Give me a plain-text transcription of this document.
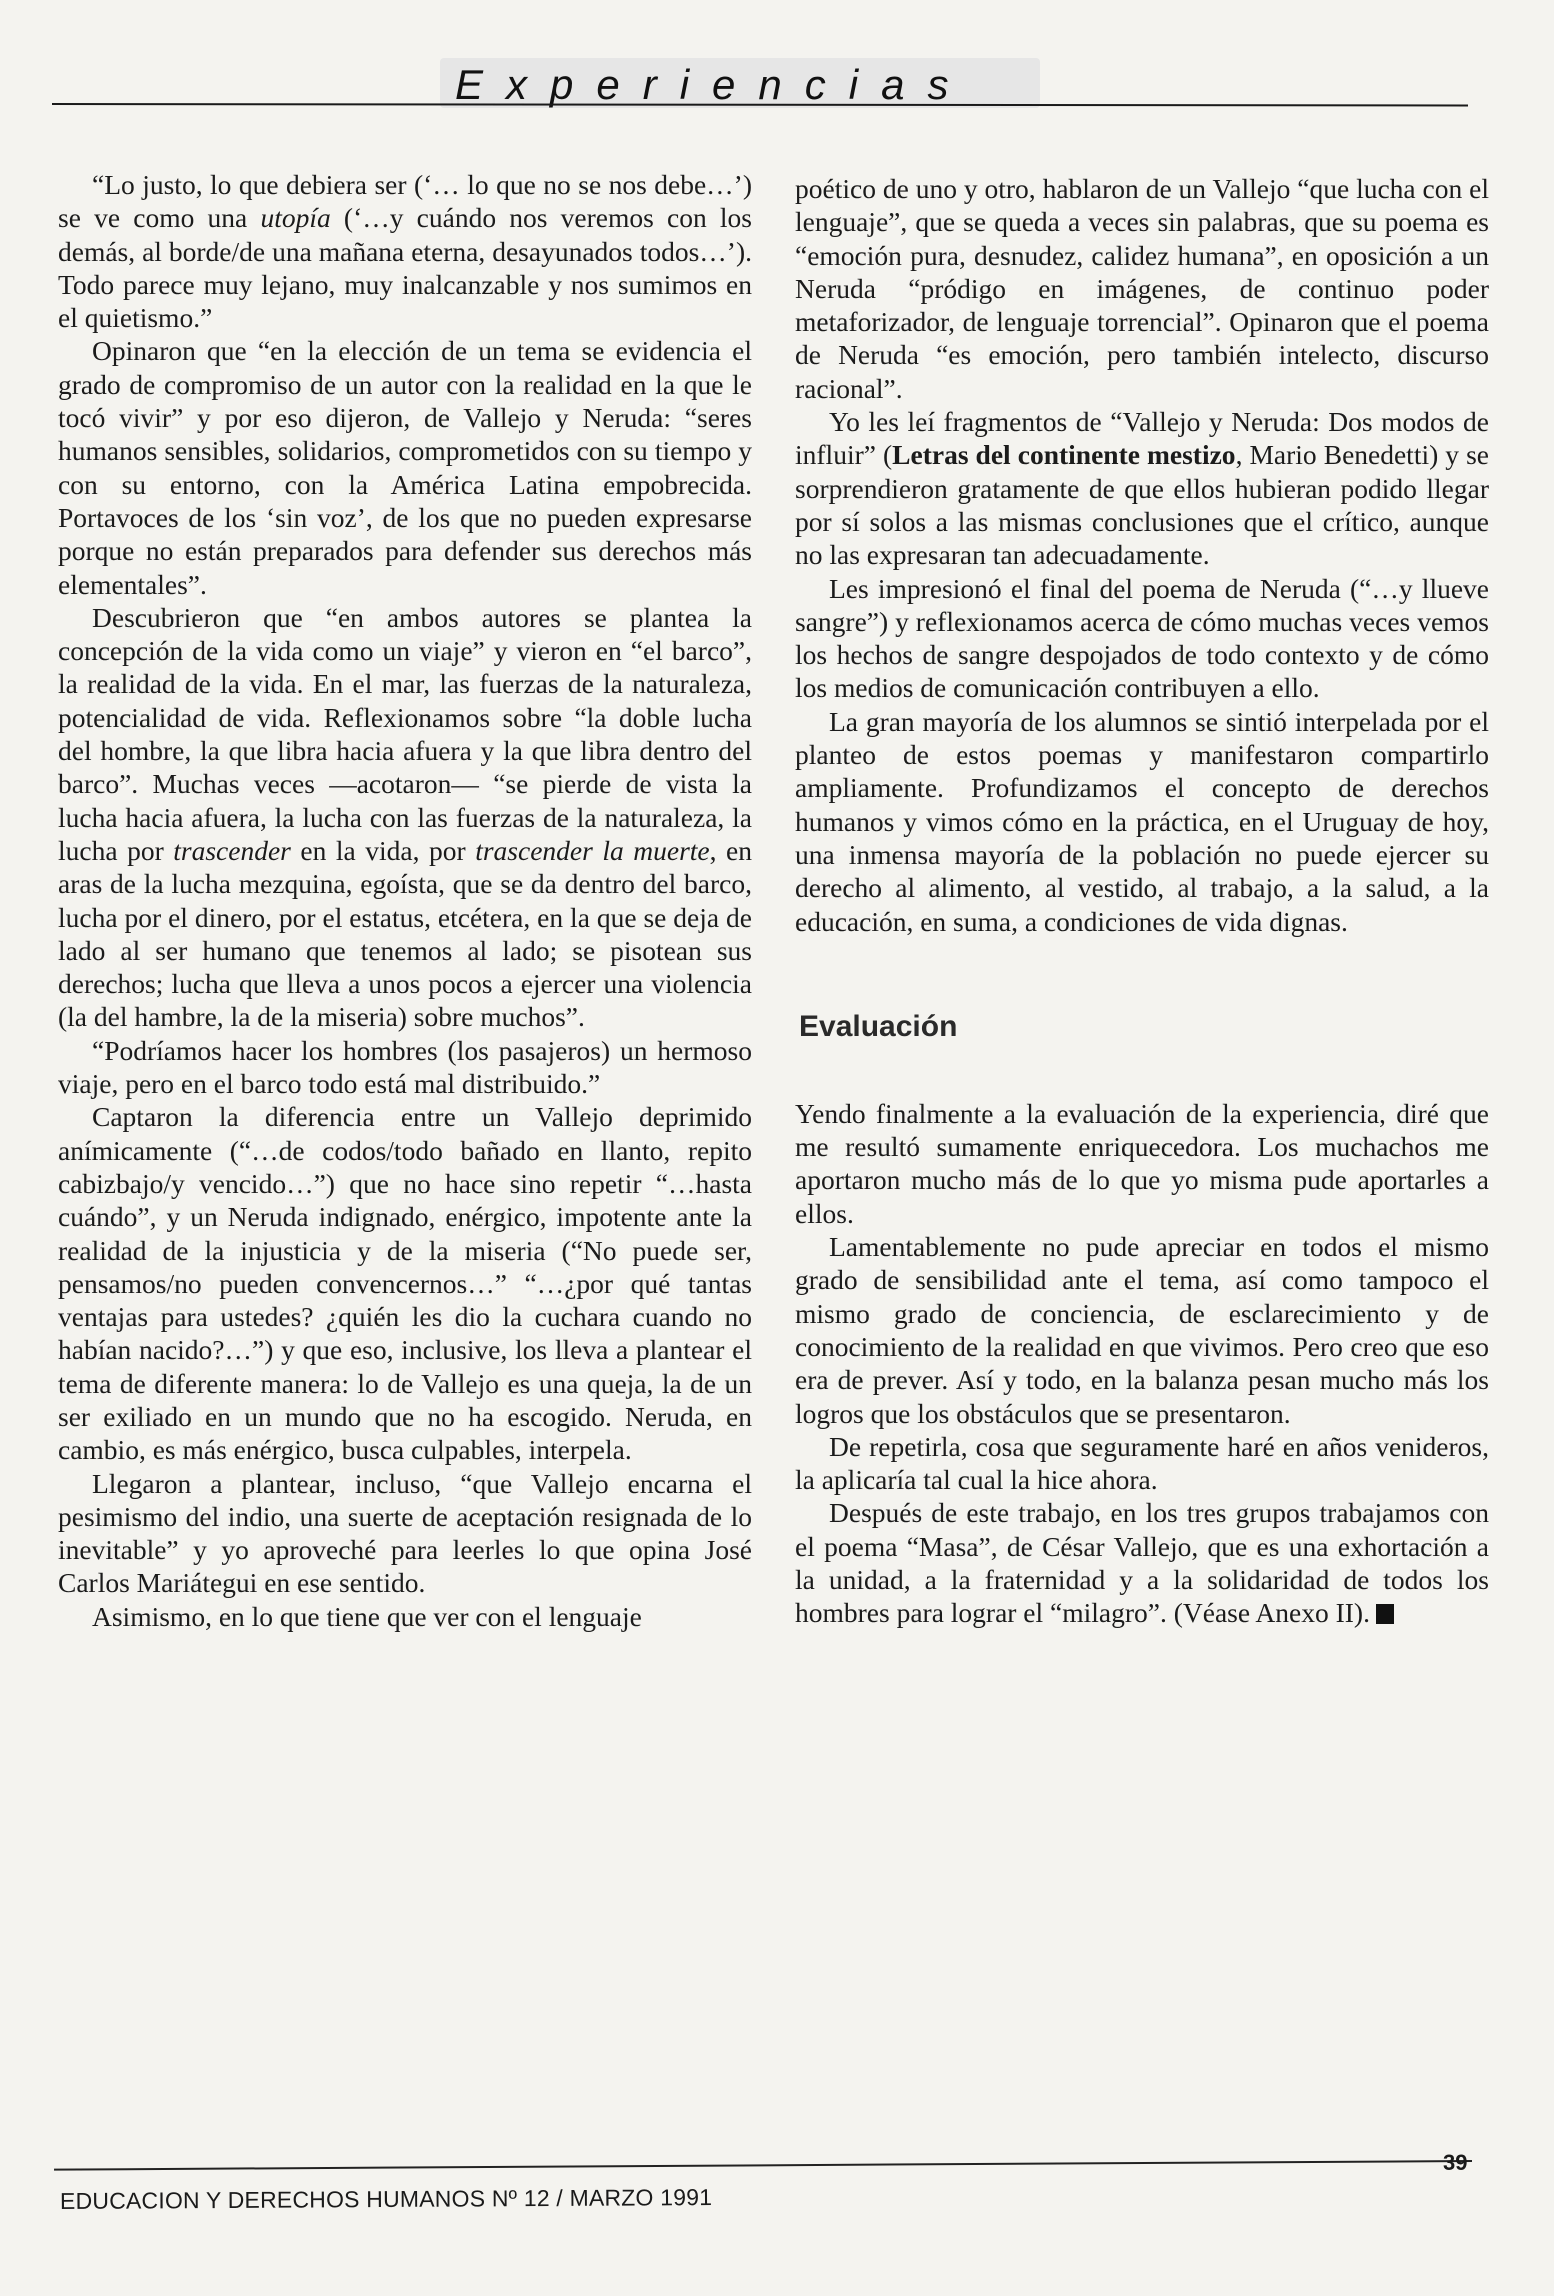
Experiencias

“Lo justo, lo que debiera ser (‘… lo que no se nos debe…’) se ve como una utopía (‘…y cuándo nos veremos con los demás, al borde/de una mañana eterna, desayunados todos…’). Todo parece muy lejano, muy inalcanzable y nos sumimos en el quietismo.”

Opinaron que “en la elección de un tema se evidencia el grado de compromiso de un autor con la realidad en la que le tocó vivir” y por eso dijeron, de Vallejo y Neruda: “seres humanos sensibles, solidarios, comprometidos con su tiempo y con su entorno, con la América Latina empobrecida. Portavoces de los ‘sin voz’, de los que no pueden expresarse porque no están preparados para defender sus derechos más elementales”.

Descubrieron que “en ambos autores se plantea la concepción de la vida como un viaje” y vieron en “el barco”, la realidad de la vida. En el mar, las fuerzas de la naturaleza, potencialidad de vida. Reflexionamos sobre “la doble lucha del hombre, la que libra hacia afuera y la que libra dentro del barco”. Muchas veces —acotaron— “se pierde de vista la lucha hacia afuera, la lucha con las fuerzas de la naturaleza, la lucha por trascender en la vida, por trascender la muerte, en aras de la lucha mezquina, egoísta, que se da dentro del barco, lucha por el dinero, por el estatus, etcétera, en la que se deja de lado al ser humano que tenemos al lado; se pisotean sus derechos; lucha que lleva a unos pocos a ejercer una violencia (la del hambre, la de la miseria) sobre muchos”.

“Podríamos hacer los hombres (los pasajeros) un hermoso viaje, pero en el barco todo está mal distribuido.”

Captaron la diferencia entre un Vallejo deprimido anímicamente (“…de codos/todo bañado en llanto, repito cabizbajo/y vencido…”) que no hace sino repetir “…hasta cuándo”, y un Neruda indignado, enérgico, impotente ante la realidad de la injusticia y de la miseria (“No puede ser, pensamos/no pueden convencernos…” “…¿por qué tantas ventajas para ustedes? ¿quién les dio la cuchara cuando no habían nacido?…”) y que eso, inclusive, los lleva a plantear el tema de diferente manera: lo de Vallejo es una queja, la de un ser exiliado en un mundo que no ha escogido. Neruda, en cambio, es más enérgico, busca culpables, interpela.

Llegaron a plantear, incluso, “que Vallejo encarna el pesimismo del indio, una suerte de aceptación resignada de lo inevitable” y yo aproveché para leerles lo que opina José Carlos Mariátegui en ese sentido.

Asimismo, en lo que tiene que ver con el lenguaje

poético de uno y otro, hablaron de un Vallejo “que lucha con el lenguaje”, que se queda a veces sin palabras, que su poema es “emoción pura, desnudez, calidez humana”, en oposición a un Neruda “pródigo en imágenes, de continuo poder metaforizador, de lenguaje torrencial”. Opinaron que el poema de Neruda “es emoción, pero también intelecto, discurso racional”.

Yo les leí fragmentos de “Vallejo y Neruda: Dos modos de influir” (Letras del continente mestizo, Mario Benedetti) y se sorprendieron gratamente de que ellos hubieran podido llegar por sí solos a las mismas conclusiones que el crítico, aunque no las expresaran tan adecuadamente.

Les impresionó el final del poema de Neruda (“…y llueve sangre”) y reflexionamos acerca de cómo muchas veces vemos los hechos de sangre despojados de todo contexto y de cómo los medios de comunicación contribuyen a ello.

La gran mayoría de los alumnos se sintió interpelada por el planteo de estos poemas y manifestaron compartirlo ampliamente. Profundizamos el concepto de derechos humanos y vimos cómo en la práctica, en el Uruguay de hoy, una inmensa mayoría de la población no puede ejercer su derecho al alimento, al vestido, al trabajo, a la salud, a la educación, en suma, a condiciones de vida dignas.

Evaluación

Yendo finalmente a la evaluación de la experiencia, diré que me resultó sumamente enriquecedora. Los muchachos me aportaron mucho más de lo que yo misma pude aportarles a ellos.

Lamentablemente no pude apreciar en todos el mismo grado de sensibilidad ante el tema, así como tampoco el mismo grado de conciencia, de esclarecimiento y de conocimiento de la realidad en que vivimos. Pero creo que eso era de prever. Así y todo, en la balanza pesan mucho más los logros que los obstáculos que se presentaron.

De repetirla, cosa que seguramente haré en años venideros, la aplicaría tal cual la hice ahora.

Después de este trabajo, en los tres grupos trabajamos con el poema “Masa”, de César Vallejo, que es una exhortación a la unidad, a la fraternidad y a la solidaridad de todos los hombres para lograr el “milagro”. (Véase Anexo II).

EDUCACION Y DERECHOS HUMANOS Nº 12 / MARZO 1991
39
